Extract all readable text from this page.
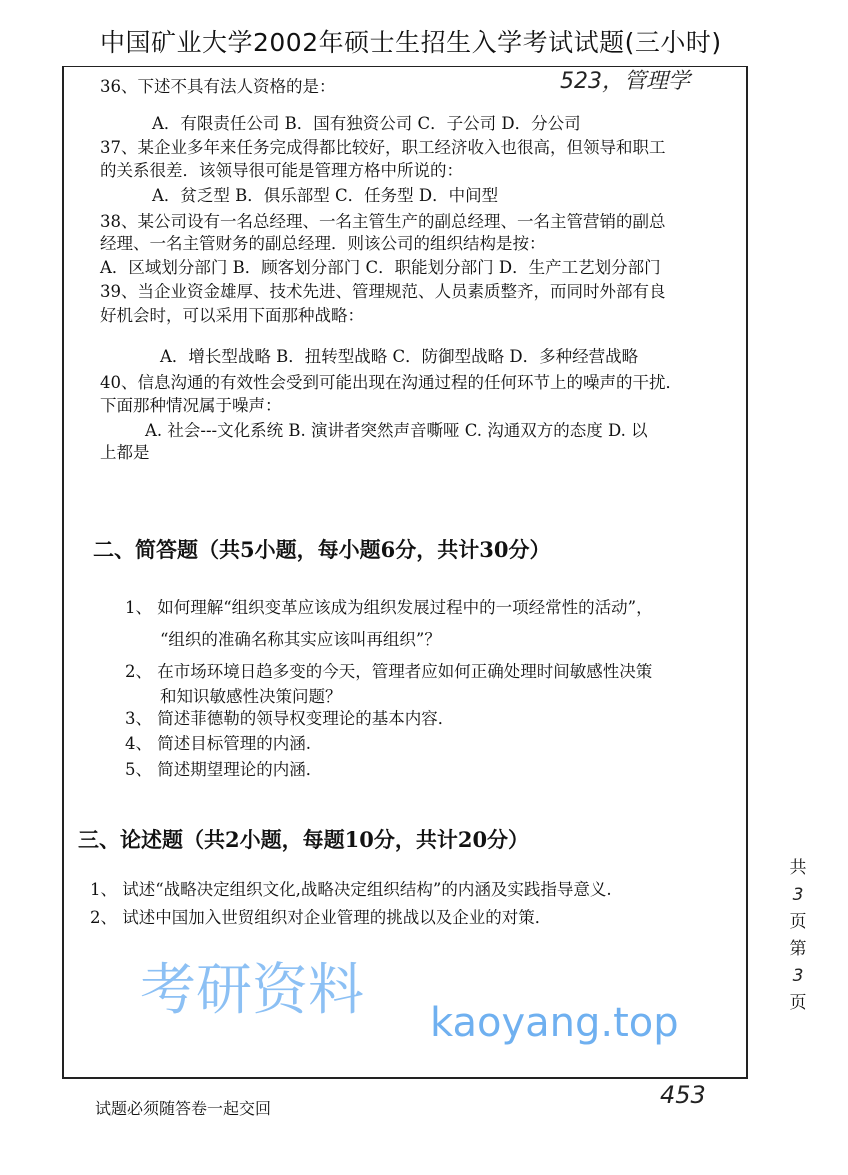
中国矿业大学2002年硕士生招生入学考试试题(三小时)
523，管理学
36、下述不具有法人资格的是：
A．有限责任公司 B．国有独资公司 C．子公司 D．分公司
37、某企业多年来任务完成得都比较好，职工经济收入也很高，但领导和职工
的关系很差．该领导很可能是管理方格中所说的：
A．贫乏型 B．俱乐部型 C．任务型 D．中间型
38、某公司设有一名总经理、一名主管生产的副总经理、一名主管营销的副总
经理、一名主管财务的副总经理．则该公司的组织结构是按：
A．区域划分部门 B．顾客划分部门 C．职能划分部门 D．生产工艺划分部门
39、当企业资金雄厚、技术先进、管理规范、人员素质整齐，而同时外部有良
好机会时，可以采用下面那种战略：
A．增长型战略 B．扭转型战略 C．防御型战略 D．多种经营战略
40、信息沟通的有效性会受到可能出现在沟通过程的任何环节上的噪声的干扰．
下面那种情况属于噪声：
A. 社会---文化系统 B. 演讲者突然声音嘶哑 C. 沟通双方的态度 D. 以
上都是
二、简答题（共5小题，每小题6分，共计30分）
1、 如何理解“组织变革应该成为组织发展过程中的一项经常性的活动”，
“组织的准确名称其实应该叫再组织”？
2、 在市场环境日趋多变的今天，管理者应如何正确处理时间敏感性决策
和知识敏感性决策问题？
3、 简述菲德勒的领导权变理论的基本内容．
4、 简述目标管理的内涵.
5、 简述期望理论的内涵．
三、论述题（共2小题，每题10分，共计20分）
1、 试述“战略决定组织文化,战略决定组织结构”的内涵及实践指导意义.
2、 试述中国加入世贸组织对企业管理的挑战以及企业的对策．
共
3
页
第
3
页
453
试题必须随答卷一起交回
考研资料 kaoyang.top
